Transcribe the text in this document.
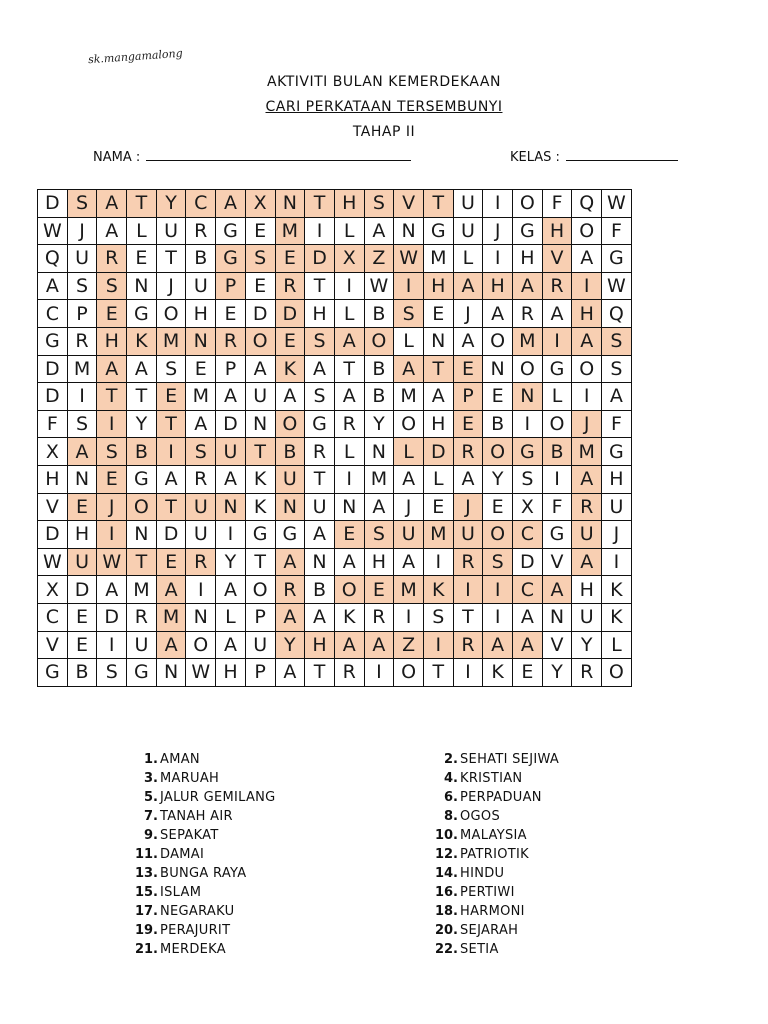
sk.mangamalong
AKTIVITI BULAN KEMERDEKAAN
CARI PERKATAAN TERSEMBUNYI
TAHAP II
NAMA :	KELAS :
D	S	A	T	Y	C	A	X	N	T	H	S	V	T	U	I	O	F	Q	W
W	J	A	L	U	R	G	E	M	I	L	A	N	G	U	J	G	H	O	F
Q	U	R	E	T	B	G	S	E	D	X	Z	W	M	L	I	H	V	A	G
A	S	S	N	J	U	P	E	R	T	I	W	I	H	A	H	A	R	I	W
C	P	E	G	O	H	E	D	D	H	L	B	S	E	J	A	R	A	H	Q
G	R	H	K	M	N	R	O	E	S	A	O	L	N	A	O	M	I	A	S
D	M	A	A	S	E	P	A	K	A	T	B	A	T	E	N	O	G	O	S
D	I	T	T	E	M	A	U	A	S	A	B	M	A	P	E	N	L	I	A
F	S	I	Y	T	A	D	N	O	G	R	Y	O	H	E	B	I	O	J	F
X	A	S	B	I	S	U	T	B	R	L	N	L	D	R	O	G	B	M	G
H	N	E	G	A	R	A	K	U	T	I	M	A	L	A	Y	S	I	A	H
V	E	J	O	T	U	N	K	N	U	N	A	J	E	J	E	X	F	R	U
D	H	I	N	D	U	I	G	G	A	E	S	U	M	U	O	C	G	U	J
W	U	W	T	E	R	Y	T	A	N	A	H	A	I	R	S	D	V	A	I
X	D	A	M	A	I	A	O	R	B	O	E	M	K	I	I	C	A	H	K
C	E	D	R	M	N	L	P	A	A	K	R	I	S	T	I	A	N	U	K
V	E	I	U	A	O	A	U	Y	H	A	A	Z	I	R	A	A	V	Y	L
G	B	S	G	N	W	H	P	A	T	R	I	O	T	I	K	E	Y	R	O
1. AMAN
3. MARUAH
5. JALUR GEMILANG
7. TANAH AIR
9. SEPAKAT
11. DAMAI
13. BUNGA RAYA
15. ISLAM
17. NEGARAKU
19. PERAJURIT
21. MERDEKA
2. SEHATI SEJIWA
4. KRISTIAN
6. PERPADUAN
8. OGOS
10. MALAYSIA
12. PATRIOTIK
14. HINDU
16. PERTIWI
18. HARMONI
20. SEJARAH
22. SETIA
